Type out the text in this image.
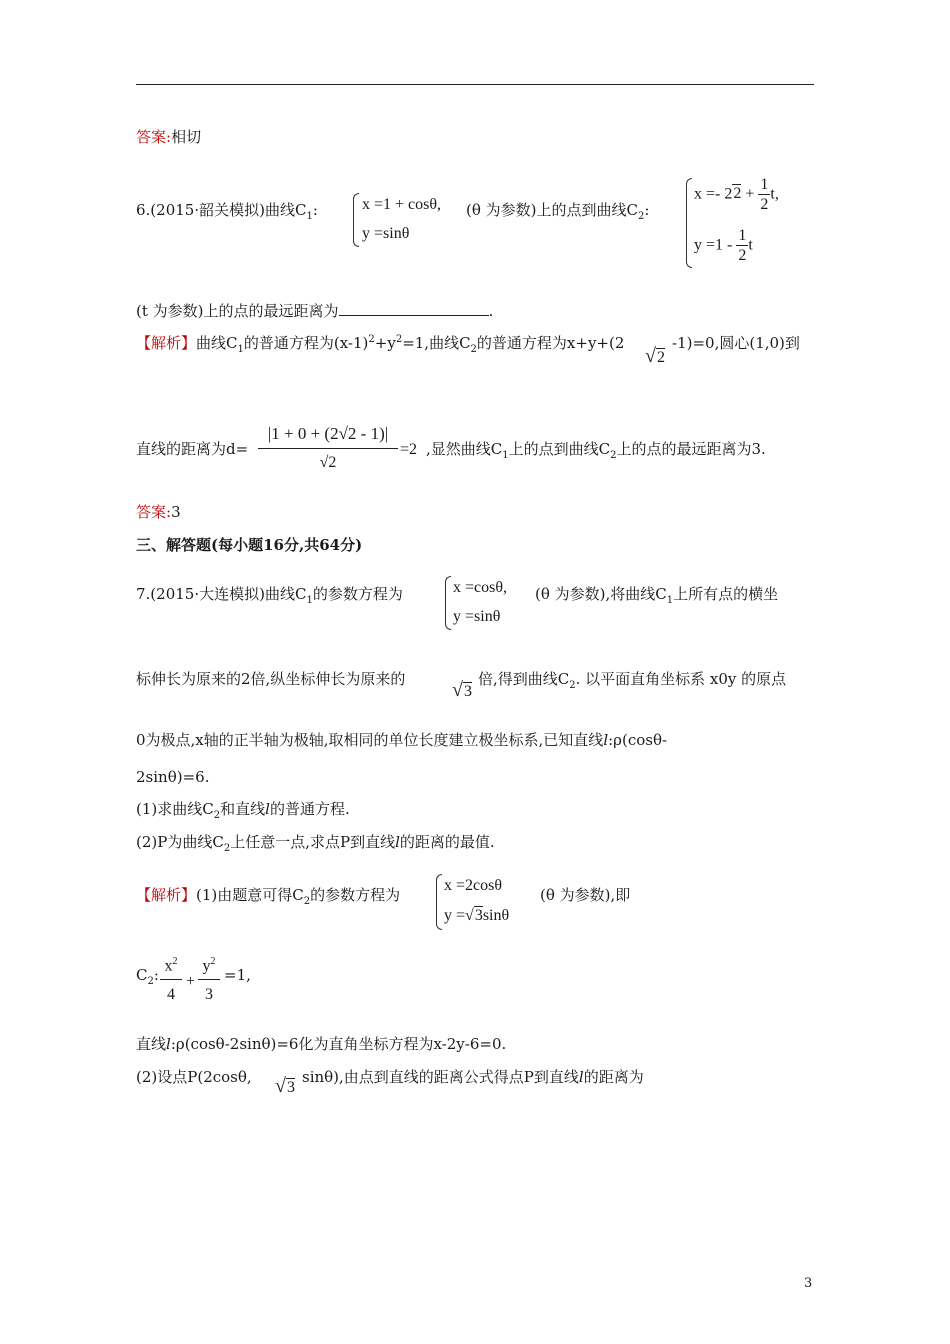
答案:相切
6.(2015·韶关模拟)曲线$C_1$:	x =1 + cosθ,
y =sinθ
(θ 为参数)上的点到曲线$C_2$:
$x =- 22 + \frac{1}{2} t$,
$y =1 - \frac{1}{2}$ t
(t 为参数)上的点的最远距离为	.
【解析】曲线$C_1$的普通方程为$(x-1)^2+y^2=1$,曲线$C_2$的普通方程为x+y+(2
√2
-1)=0,圆心(1,0)到
直线的距离为$d= \frac{|1 + 0 + (2√2 - 1)|}{√2} =2$ ,显然曲线$C_1$上的点到曲线$C_2$上的点的最远距离为3.
答案:3
三、解答题(每小题16分,共64分)
7.(2015·大连模拟)曲线$C_1$的参数方程为	x =cosθ,
y =sinθ
(θ 为参数),将曲线$C_1$上所有点的横坐
标伸长为原来的2倍,纵坐标伸长为原来的 √3
倍,得到曲线$C_2$. 以平面直角坐标系 x0y 的原点
0为极点,x轴的正半轴为极轴,取相同的单位长度建立极坐标系,已知直线l:ρ(cosθ-
2sinθ)=6.
(1)求曲线$C_2$和直线l的普通方程.
(2)P为曲线$C_2$上任意一点,求点P到直线l的距离的最值.
【解析】(1)由题意可得$C_2$的参数方程为
x =2cosθ
y =√3sinθ
(θ 为参数),即
$C_2$:
$x^2$
4
+
$y^2$
3
=1,
直线l:ρ(cosθ-2sinθ)=6化为直角坐标方程为x-2y-6=0.
(2)设点P(2cosθ, √3
sinθ),由点到直线的距离公式得点P到直线l的距离为
3
